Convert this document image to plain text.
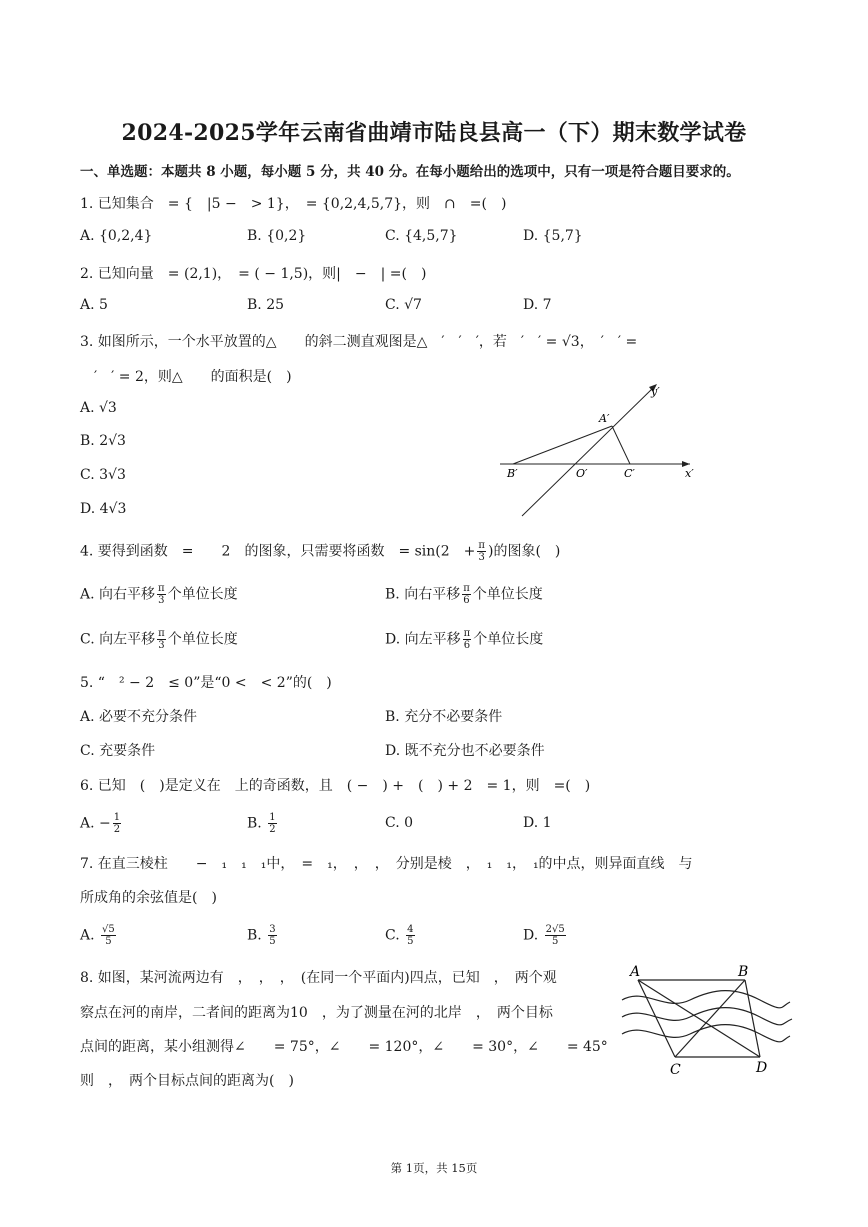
2024-2025学年云南省曲靖市陆良县高一（下）期末数学试卷
一、单选题：本题共 8 小题，每小题 5 分，共 40 分。在每小题给出的选项中，只有一项是符合题目要求的。
1. 已知集合　= {　|5 −　> 1}，　= {0,2,4,5,7}，则　∩　=(　)
A. {0,2,4}	B. {0,2}	C. {4,5,7}	D. {5,7}
2. 已知向量　= (2,1)，　= ( − 1,5)，则|　−　| =(　)
A. 5	B. 25	C. √7	D. 7
3. 如图所示，一个水平放置的△　　的斜二测直观图是△　′　′　′，若　′　′ = √3，　′　′ =
　′　′ = 2，则△　　的面积是(　)
A. √3
B. 2√3
C. 3√3
D. 4√3
A′
B′	O′	C′	x′
y′
4. 要得到函数　=　　2　的图象，只需要将函数　= sin(2　+ $\frac{\pi}{3}$ )的图象(　)
A. 向右平移 $\frac{\pi}{3}$ 个单位长度	B. 向右平移 $\frac{\pi}{6}$ 个单位长度
C. 向左平移 $\frac{\pi}{3}$ 个单位长度	D. 向左平移 $\frac{\pi}{6}$ 个单位长度
5. “　² − 2　≤ 0”是“0 <　< 2”的(　)
A. 必要不充分条件	B. 充分不必要条件
C. 充要条件	D. 既不充分也不必要条件
6. 已知　(　)是定义在　上的奇函数，且　( −　) +　(　) + 2　= 1，则　=(　)
A. − $\frac{1}{2}$	B. $\frac{1}{2}$	C. 0	D. 1
7. 在直三棱柱　　−　₁　₁　₁中，　=　₁，　，　，　分别是棱　，　₁　₁，　₁的中点，则异面直线　与
所成角的余弦值是(　)
A. $\frac{√5}{5}$	B. $\frac{3}{5}$	C. $\frac{4}{5}$	D. $\frac{2√5}{5}$
8. 如图，某河流两边有　，　，　，　(在同一个平面内)四点，已知　，　两个观
察点在河的南岸，二者间的距离为10　，为了测量在河的北岸　，　两个目标
点间的距离，某小组测得∠　　= 75°，∠　　= 120°，∠　　= 30°，∠　　= 45°
则　，　两个目标点间的距离为(　)
A	B
C	D
第 1页，共 15页
